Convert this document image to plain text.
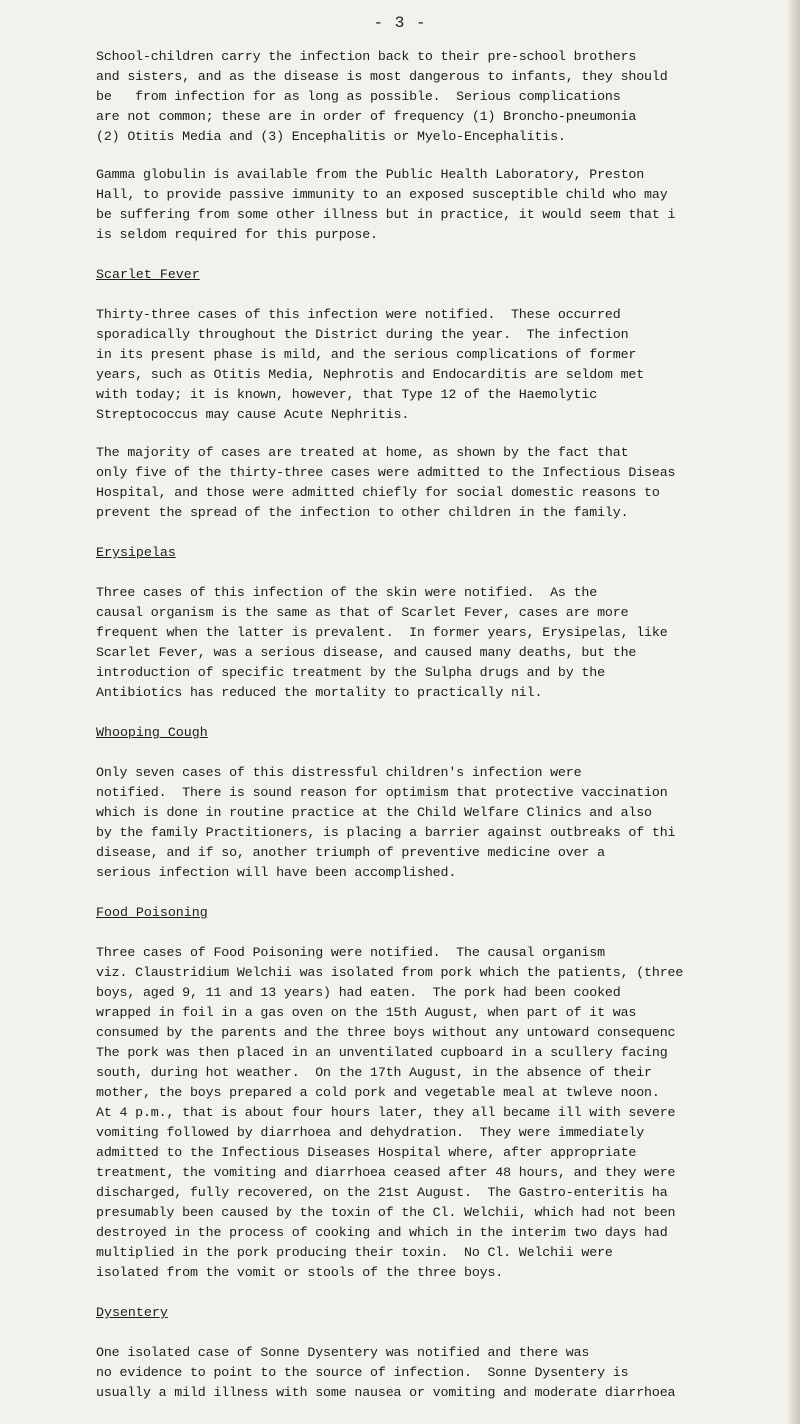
- 3 -

School-children carry the infection back to their pre-school brothers
and sisters, and as the disease is most dangerous to infants, they should
be   from infection for as long as possible.  Serious complications
are not common; these are in order of frequency (1) Broncho-pneumonia
(2) Otitis Media and (3) Encephalitis or Myelo-Encephalitis.

Gamma globulin is available from the Public Health Laboratory, Preston
Hall, to provide passive immunity to an exposed susceptible child who may
be suffering from some other illness but in practice, it would seem that i
is seldom required for this purpose.

Scarlet Fever

Thirty-three cases of this infection were notified.  These occurred
sporadically throughout the District during the year.  The infection
in its present phase is mild, and the serious complications of former
years, such as Otitis Media, Nephrotis and Endocarditis are seldom met
with today; it is known, however, that Type 12 of the Haemolytic
Streptococcus may cause Acute Nephritis.

The majority of cases are treated at home, as shown by the fact that
only five of the thirty-three cases were admitted to the Infectious Diseas
Hospital, and those were admitted chiefly for social domestic reasons to
prevent the spread of the infection to other children in the family.

Erysipelas

Three cases of this infection of the skin were notified.  As the
causal organism is the same as that of Scarlet Fever, cases are more
frequent when the latter is prevalent.  In former years, Erysipelas, like
Scarlet Fever, was a serious disease, and caused many deaths, but the
introduction of specific treatment by the Sulpha drugs and by the
Antibiotics has reduced the mortality to practically nil.

Whooping Cough

Only seven cases of this distressful children's infection were
notified.  There is sound reason for optimism that protective vaccination
which is done in routine practice at the Child Welfare Clinics and also
by the family Practitioners, is placing a barrier against outbreaks of thi
disease, and if so, another triumph of preventive medicine over a
serious infection will have been accomplished.

Food Poisoning

Three cases of Food Poisoning were notified.  The causal organism
viz. Claustridium Welchii was isolated from pork which the patients, (three
boys, aged 9, 11 and 13 years) had eaten.  The pork had been cooked
wrapped in foil in a gas oven on the 15th August, when part of it was
consumed by the parents and the three boys without any untoward consequenc
The pork was then placed in an unventilated cupboard in a scullery facing
south, during hot weather.  On the 17th August, in the absence of their
mother, the boys prepared a cold pork and vegetable meal at twleve noon.
At 4 p.m., that is about four hours later, they all became ill with severe
vomiting followed by diarrhoea and dehydration.  They were immediately
admitted to the Infectious Diseases Hospital where, after appropriate
treatment, the vomiting and diarrhoea ceased after 48 hours, and they were
discharged, fully recovered, on the 21st August.  The Gastro-enteritis ha
presumably been caused by the toxin of the Cl. Welchii, which had not been
destroyed in the process of cooking and which in the interim two days had
multiplied in the pork producing their toxin.  No Cl. Welchii were
isolated from the vomit or stools of the three boys.

Dysentery

One isolated case of Sonne Dysentery was notified and there was
no evidence to point to the source of infection.  Sonne Dysentery is
usually a mild illness with some nausea or vomiting and moderate diarrhoea
